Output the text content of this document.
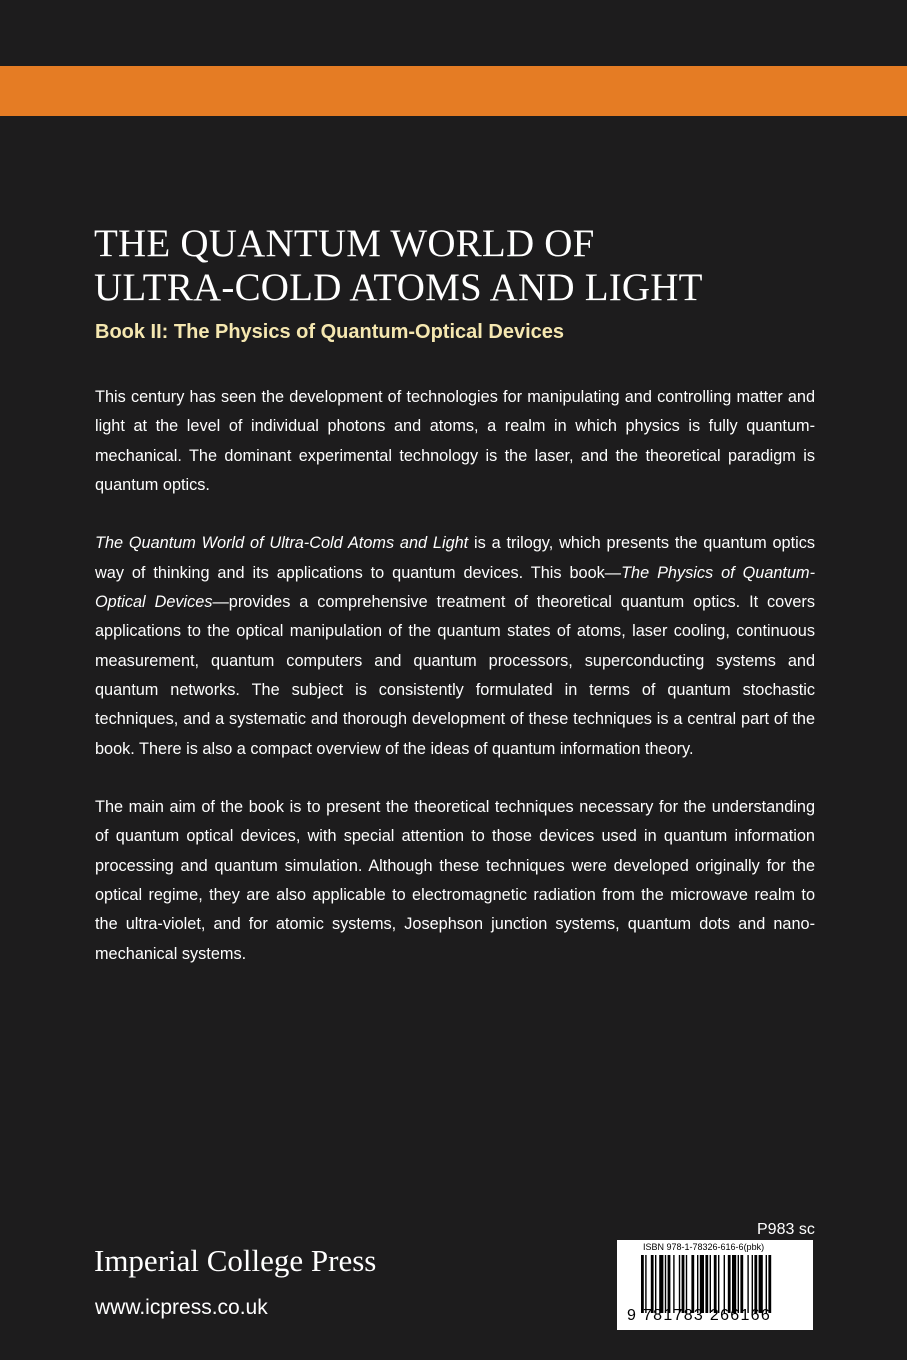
THE QUANTUM WORLD OF
ULTRA-COLD ATOMS AND LIGHT
Book II: The Physics of Quantum-Optical Devices

This century has seen the development of technologies for manipulating and controlling matter and light at the level of individual photons and atoms, a realm in which physics is fully quantum-mechanical. The dominant experimental technology is the laser, and the theoretical paradigm is quantum optics.

The Quantum World of Ultra-Cold Atoms and Light is a trilogy, which presents the quantum optics way of thinking and its applications to quantum devices. This book—The Physics of Quantum-Optical Devices—provides a comprehensive treatment of theoretical quantum optics. It covers applications to the optical manipulation of the quantum states of atoms, laser cooling, continuous measurement, quantum computers and quantum processors, superconducting systems and quantum networks. The subject is consistently formulated in terms of quantum stochastic techniques, and a systematic and thorough development of these techniques is a central part of the book. There is also a compact overview of the ideas of quantum information theory.

The main aim of the book is to present the theoretical techniques necessary for the understanding of quantum optical devices, with special attention to those devices used in quantum information processing and quantum simulation. Although these techniques were developed originally for the optical regime, they are also applicable to electromagnetic radiation from the microwave realm to the ultra-violet, and for atomic systems, Josephson junction systems, quantum dots and nano-mechanical systems.

Imperial College Press
www.icpress.co.uk
P983 sc
ISBN 978-1-78326-616-6(pbk)
9 781783 266166
